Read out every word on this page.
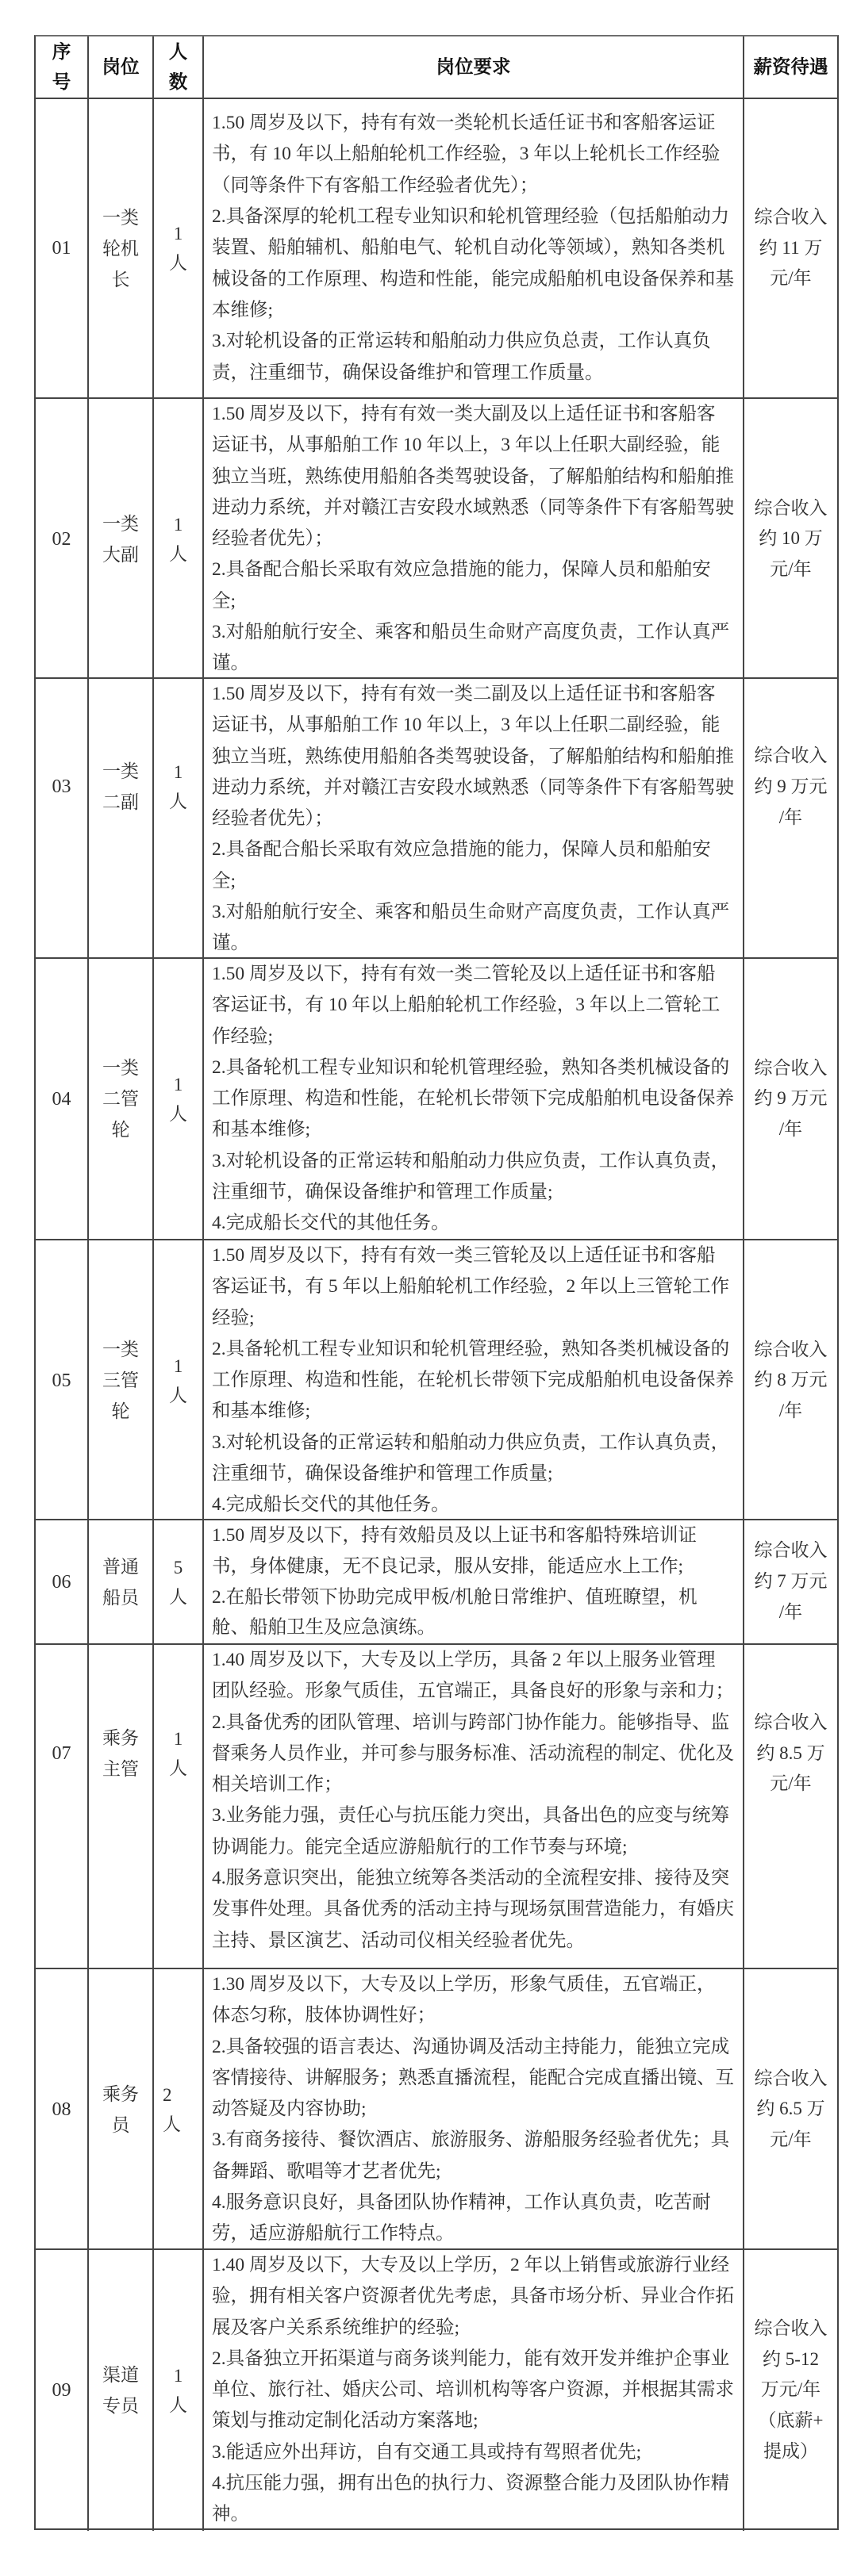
序
号
岗位
人
数
岗位要求	薪资待遇
01
一类
轮机
长
1
人
1.50 周岁及以下，持有有效一类轮机长适任证书和客船客运证
书，有 10 年以上船舶轮机工作经验，3 年以上轮机长工作经验
（同等条件下有客船工作经验者优先）；
2.具备深厚的轮机工程专业知识和轮机管理经验（包括船舶动力
装置、船舶辅机、船舶电气、轮机自动化等领域），熟知各类机
械设备的工作原理、构造和性能，能完成船舶机电设备保养和基
本维修;
3.对轮机设备的正常运转和船舶动力供应负总责，工作认真负
责，注重细节，确保设备维护和管理工作质量。
综合收入
约 11 万
元/年
02
一类
大副
1
人
1.50 周岁及以下，持有有效一类大副及以上适任证书和客船客
运证书，从事船舶工作 10 年以上，3 年以上任职大副经验，能
独立当班，熟练使用船舶各类驾驶设备，了解船舶结构和船舶推
进动力系统，并对赣江吉安段水域熟悉（同等条件下有客船驾驶
经验者优先）；
2.具备配合船长采取有效应急措施的能力，保障人员和船舶安
全;
3.对船舶航行安全、乘客和船员生命财产高度负责，工作认真严
谨。
综合收入
约 10 万
元/年
03
一类
二副
1
人
1.50 周岁及以下，持有有效一类二副及以上适任证书和客船客
运证书，从事船舶工作 10 年以上，3 年以上任职二副经验，能
独立当班，熟练使用船舶各类驾驶设备，了解船舶结构和船舶推
进动力系统，并对赣江吉安段水域熟悉（同等条件下有客船驾驶
经验者优先）；
2.具备配合船长采取有效应急措施的能力，保障人员和船舶安
全;
3.对船舶航行安全、乘客和船员生命财产高度负责，工作认真严
谨。
综合收入
约 9 万元
/年
04
一类
二管
轮
1
人
1.50 周岁及以下，持有有效一类二管轮及以上适任证书和客船
客运证书，有 10 年以上船舶轮机工作经验，3 年以上二管轮工
作经验;
2.具备轮机工程专业知识和轮机管理经验，熟知各类机械设备的
工作原理、构造和性能，在轮机长带领下完成船舶机电设备保养
和基本维修;
3.对轮机设备的正常运转和船舶动力供应负责，工作认真负责，
注重细节，确保设备维护和管理工作质量;
4.完成船长交代的其他任务。
综合收入
约 9 万元
/年
05
一类
三管
轮
1
人
1.50 周岁及以下，持有有效一类三管轮及以上适任证书和客船
客运证书，有 5 年以上船舶轮机工作经验，2 年以上三管轮工作
经验;
2.具备轮机工程专业知识和轮机管理经验，熟知各类机械设备的
工作原理、构造和性能，在轮机长带领下完成船舶机电设备保养
和基本维修;
3.对轮机设备的正常运转和船舶动力供应负责，工作认真负责，
注重细节，确保设备维护和管理工作质量;
4.完成船长交代的其他任务。
综合收入
约 8 万元
/年
06
普通
船员
5
人
1.50 周岁及以下，持有效船员及以上证书和客船特殊培训证
书，身体健康，无不良记录，服从安排，能适应水上工作;
2.在船长带领下协助完成甲板/机舱日常维护、值班瞭望，机
舱、船舶卫生及应急演练。
综合收入
约 7 万元
/年
07
乘务
主管
1
人
1.40 周岁及以下，大专及以上学历，具备 2 年以上服务业管理
团队经验。形象气质佳，五官端正，具备良好的形象与亲和力；
2.具备优秀的团队管理、培训与跨部门协作能力。能够指导、监
督乘务人员作业，并可参与服务标准、活动流程的制定、优化及
相关培训工作；
3.业务能力强，责任心与抗压能力突出，具备出色的应变与统筹
协调能力。能完全适应游船航行的工作节奏与环境;
4.服务意识突出，能独立统筹各类活动的全流程安排、接待及突
发事件处理。具备优秀的活动主持与现场氛围营造能力，有婚庆
主持、景区演艺、活动司仪相关经验者优先。
综合收入
约 8.5 万
元/年
08
乘务
员
2
人
1.30 周岁及以下，大专及以上学历，形象气质佳，五官端正，
体态匀称，肢体协调性好；
2.具备较强的语言表达、沟通协调及活动主持能力，能独立完成
客情接待、讲解服务；熟悉直播流程，能配合完成直播出镜、互
动答疑及内容协助;
3.有商务接待、餐饮酒店、旅游服务、游船服务经验者优先；具
备舞蹈、歌唱等才艺者优先;
4.服务意识良好，具备团队协作精神，工作认真负责，吃苦耐
劳，适应游船航行工作特点。
综合收入
约 6.5 万
元/年
09
渠道
专员
1
人
1.40 周岁及以下，大专及以上学历，2 年以上销售或旅游行业经
验，拥有相关客户资源者优先考虑，具备市场分析、异业合作拓
展及客户关系系统维护的经验;
2.具备独立开拓渠道与商务谈判能力，能有效开发并维护企事业
单位、旅行社、婚庆公司、培训机构等客户资源，并根据其需求
策划与推动定制化活动方案落地;
3.能适应外出拜访，自有交通工具或持有驾照者优先;
4.抗压能力强，拥有出色的执行力、资源整合能力及团队协作精
神。
综合收入
约 5-12
万元/年
（底薪+
提成）
